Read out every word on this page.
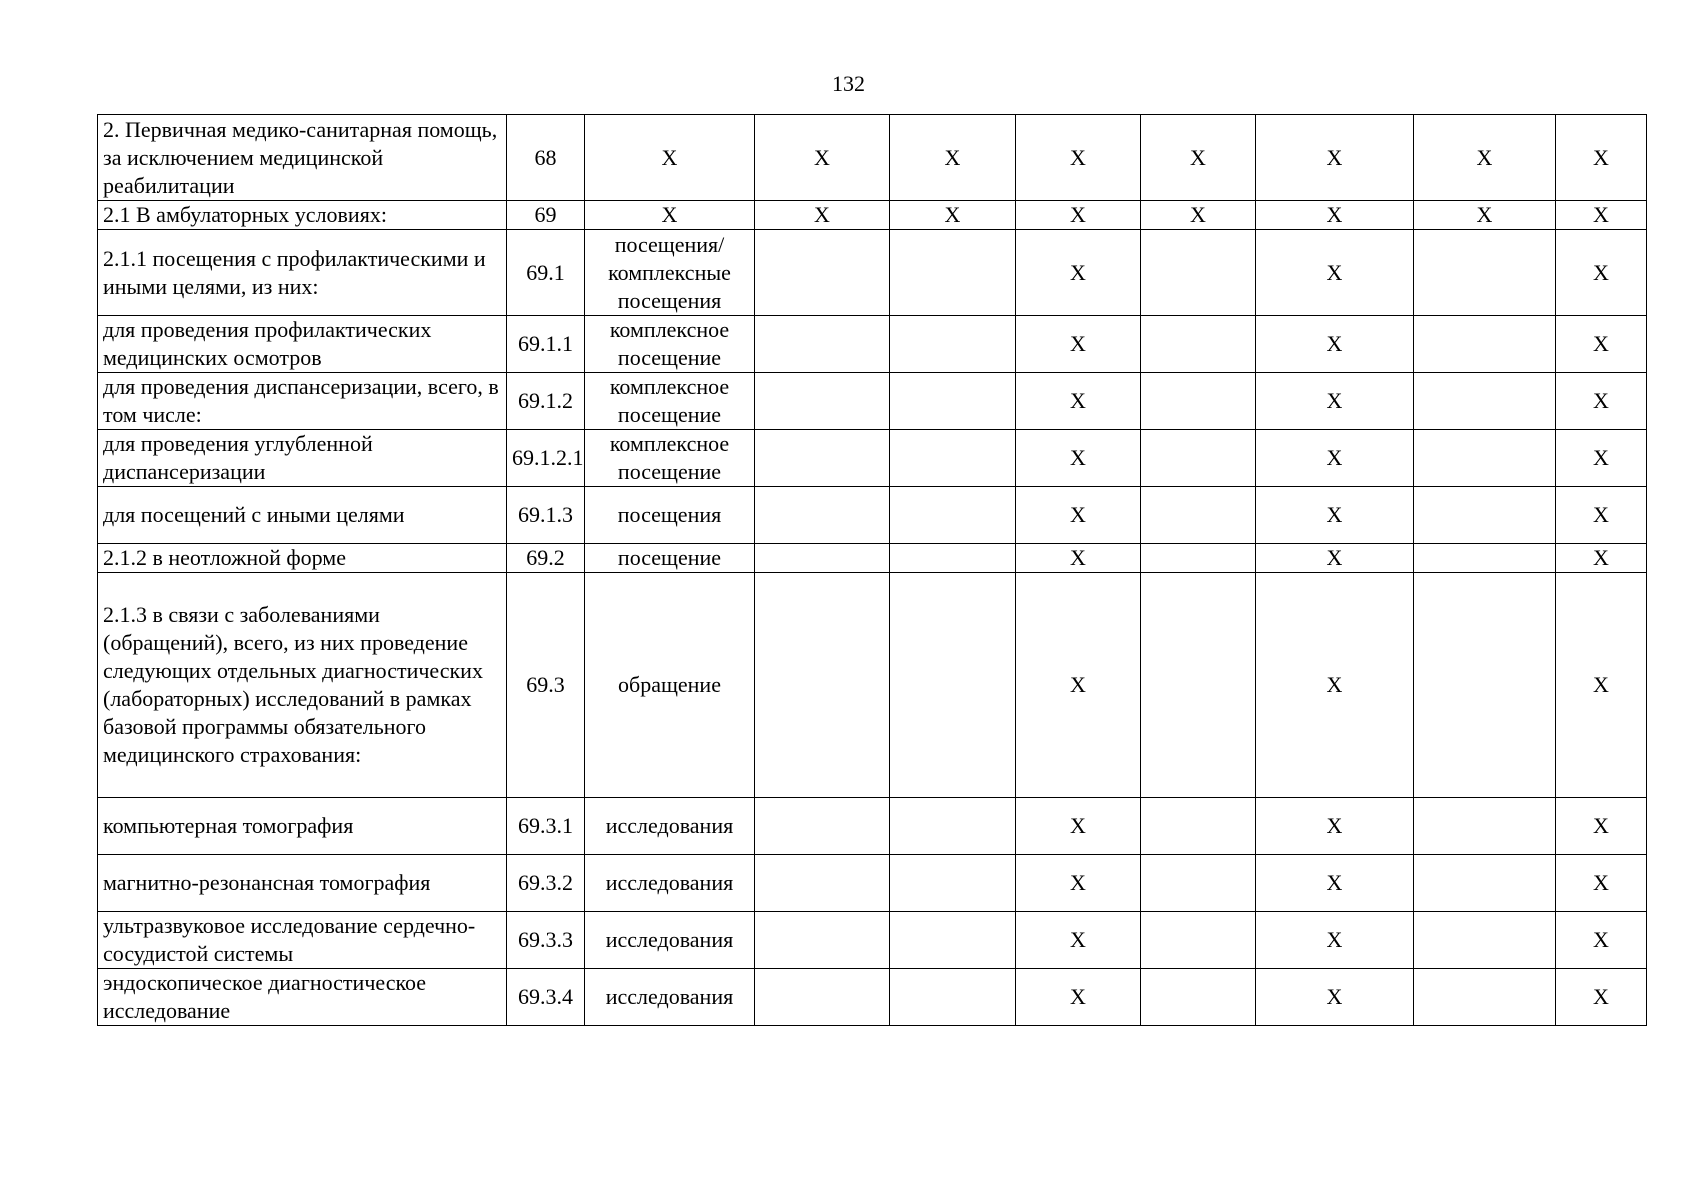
132
2. Первичная медико-санитарная помощь, за исключением медицинской реабилитации	68	Х	Х	Х	Х	Х	Х	Х	Х
2.1 В амбулаторных условиях:	69	Х	Х	Х	Х	Х	Х	Х	Х
2.1.1 посещения с профилактическими и иными целями, из них:	69.1	посещения/комплексные посещения			Х		Х		Х
для проведения профилактических медицинских осмотров	69.1.1	комплексное посещение			Х		Х		Х
для проведения диспансеризации, всего, в том числе:	69.1.2	комплексное посещение			Х		Х		Х
для проведения углубленной диспансеризации	69.1.2.1	комплексное посещение			Х		Х		Х
для посещений с иными целями	69.1.3	посещения			Х		Х		Х
2.1.2 в неотложной форме	69.2	посещение			Х		Х		Х
2.1.3 в связи с заболеваниями (обращений), всего, из них проведение следующих отдельных диагностических (лабораторных) исследований в рамках базовой программы обязательного медицинского страхования:	69.3	обращение			Х		Х		Х
компьютерная томография	69.3.1	исследования			Х		Х		Х
магнитно-резонансная томография	69.3.2	исследования			Х		Х		Х
ультразвуковое исследование сердечно-сосудистой системы	69.3.3	исследования			Х		Х		Х
эндоскопическое диагностическое исследование	69.3.4	исследования			Х		Х		Х
